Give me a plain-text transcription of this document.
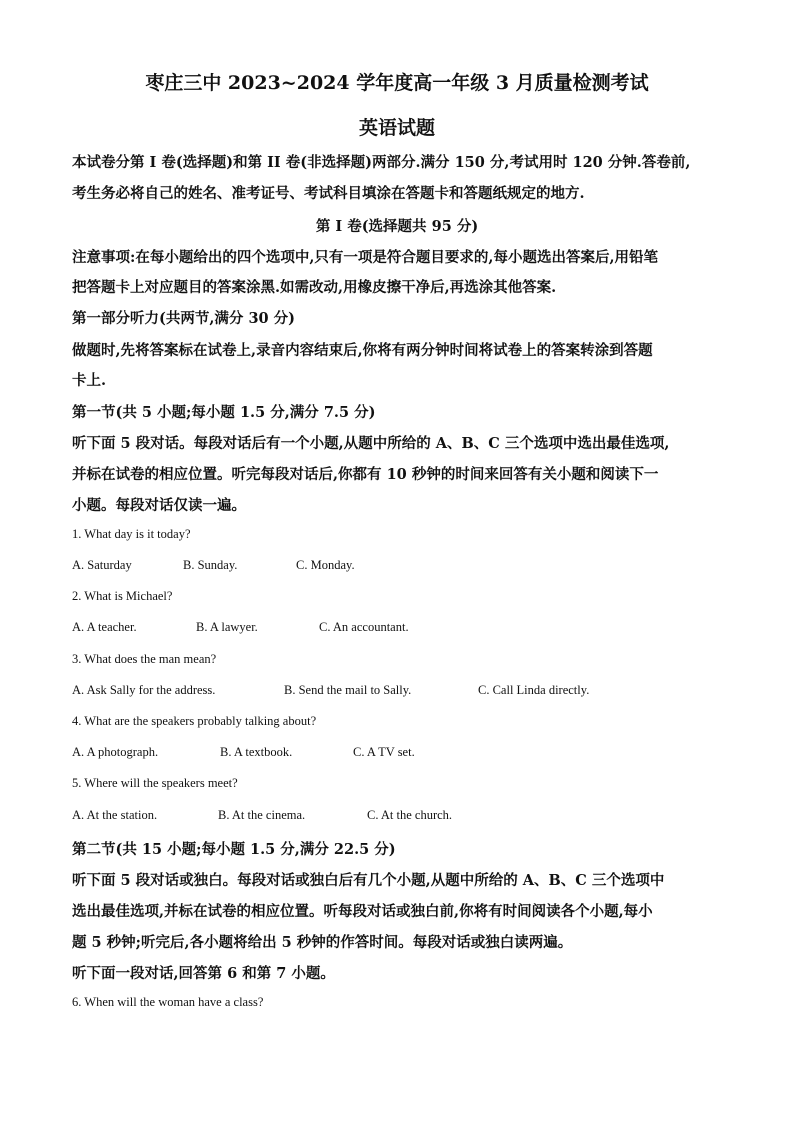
枣庄三中 2023~2024 学年度高一年级 3 月质量检测考试
英语试题
本试卷分第 I 卷(选择题)和第 II 卷(非选择题)两部分.满分 150 分,考试用时 120 分钟.答卷前,
考生务必将自己的姓名、准考证号、考试科目填涂在答题卡和答题纸规定的地方.
第 I 卷(选择题共 95 分)
注意事项:在每小题给出的四个选项中,只有一项是符合题目要求的,每小题选出答案后,用铅笔
把答题卡上对应题目的答案涂黑.如需改动,用橡皮擦干净后,再选涂其他答案.
第一部分听力(共两节,满分 30 分)
做题时,先将答案标在试卷上,录音内容结束后,你将有两分钟时间将试卷上的答案转涂到答题
卡上.
第一节(共 5 小题;每小题 1.5 分,满分 7.5 分)
听下面 5 段对话。每段对话后有一个小题,从题中所给的 A、B、C 三个选项中选出最佳选项,
并标在试卷的相应位置。听完每段对话后,你都有 10 秒钟的时间来回答有关小题和阅读下一
小题。每段对话仅读一遍。
1. What day is it today?
A. Saturday	B. Sunday.	C. Monday.
2. What is Michael?
A. A teacher.	B. A lawyer.	C. An accountant.
3. What does the man mean?
A. Ask Sally for the address.	B. Send the mail to Sally.	C. Call Linda directly.
4. What are the speakers probably talking about?
A. A photograph.	B. A textbook.	C. A TV set.
5. Where will the speakers meet?
A. At the station.	B. At the cinema.	C. At the church.
第二节(共 15 小题;每小题 1.5 分,满分 22.5 分)
听下面 5 段对话或独白。每段对话或独白后有几个小题,从题中所给的 A、B、C 三个选项中
选出最佳选项,并标在试卷的相应位置。听每段对话或独白前,你将有时间阅读各个小题,每小
题 5 秒钟;听完后,各小题将给出 5 秒钟的作答时间。每段对话或独白读两遍。
听下面一段对话,回答第 6 和第 7 小题。
6. When will the woman have a class?
